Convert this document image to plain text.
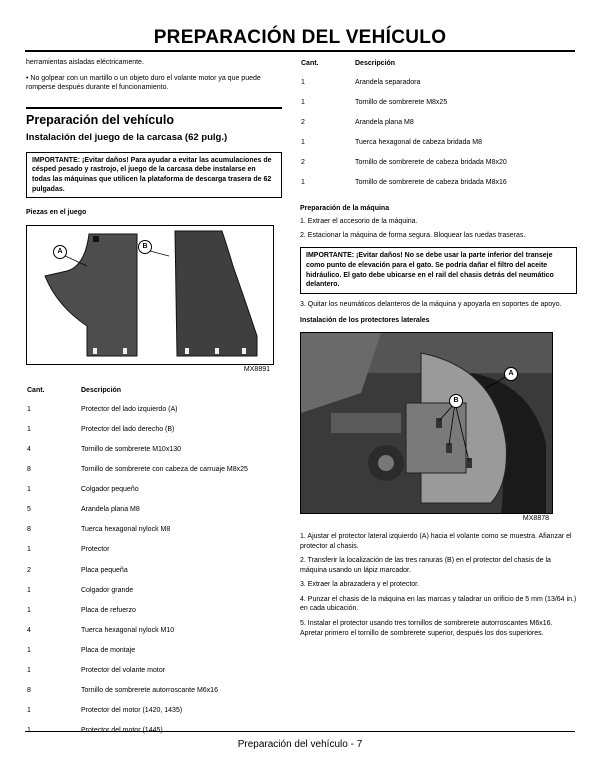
PREPARACIÓN DEL VEHÍCULO

herramientas aisladas eléctricamente.

• No golpear con un martillo o un objeto duro el volante motor ya que puede romperse después durante el funcionamiento.

Preparación del vehículo
Instalación del juego de la carcasa (62 pulg.)
IMPORTANTE: ¡Evitar daños! Para ayudar a evitar las acumulaciones de césped pesado y rastrojo, el juego de la carcasa debe instalarse en todas las máquinas que utilicen la plataforma de descarga trasera de 62 pulgadas.

Piezas en el juego

A
B
MX8891
Cant.	Descripción
1	Protector del lado izquierdo (A)
1	Protector del lado derecho (B)
4	Tornillo de sombrerete M10x130
8	Tornillo de sombrerete con cabeza de carruaje M8x25
1	Colgador pequeño
5	Arandela plana M8
8	Tuerca hexagonal nylock M8
1	Protector
2	Placa pequeña
1	Colgador grande
1	Placa de refuerzo
4	Tuerca hexagonal nylock M10
1	Placa de montaje
1	Protector del volante motor
8	Tornillo de sombrerete autorroscante M6x16
1	Protector del motor (1420, 1435)
1	Protector del motor (1445)
Cant.	Descripción
1	Arandela separadora
1	Tornillo de sombrerete M8x25
2	Arandela plana M8
1	Tuerca hexagonal de cabeza bridada M8
2	Tornillo de sombrerete de cabeza bridada M8x20
1	Tornillo de sombrerete de cabeza bridada M8x16

Preparación de la máquina

1. Extraer el accesorio de la máquina.

2. Estacionar la máquina de forma segura. Bloquear las ruedas traseras.

IMPORTANTE: ¡Evitar daños! No se debe usar la parte inferior del transeje como punto de elevación para el gato. Se podría dañar el filtro del aceite hidráulico. El gato debe ubicarse en el rail del chasis detrás del neumático delantero.

3. Quitar los neumáticos delanteros de la máquina y apoyarla en soportes de apoyo.

Instalación de los protectores laterales

A
B
MX8878

1. Ajustar el protector lateral izquierdo (A) hacia el volante como se muestra. Afianzar el protector al chasis.

2. Transferir la localización de las tres ranuras (B) en el protector del chasis de la máquina usando un lápiz marcador.

3. Extraer la abrazadera y el protector.

4. Punzar el chasis de la máquina en las marcas y taladrar un orificio de 5 mm (13/64 in.) en cada ubicación.

5. Instalar el protector usando tres tornillos de sombrerete autorroscantes M6x16. Apretar primero el tornillo de sombrerete superior, después los dos superiores.

Preparación del vehículo - 7
